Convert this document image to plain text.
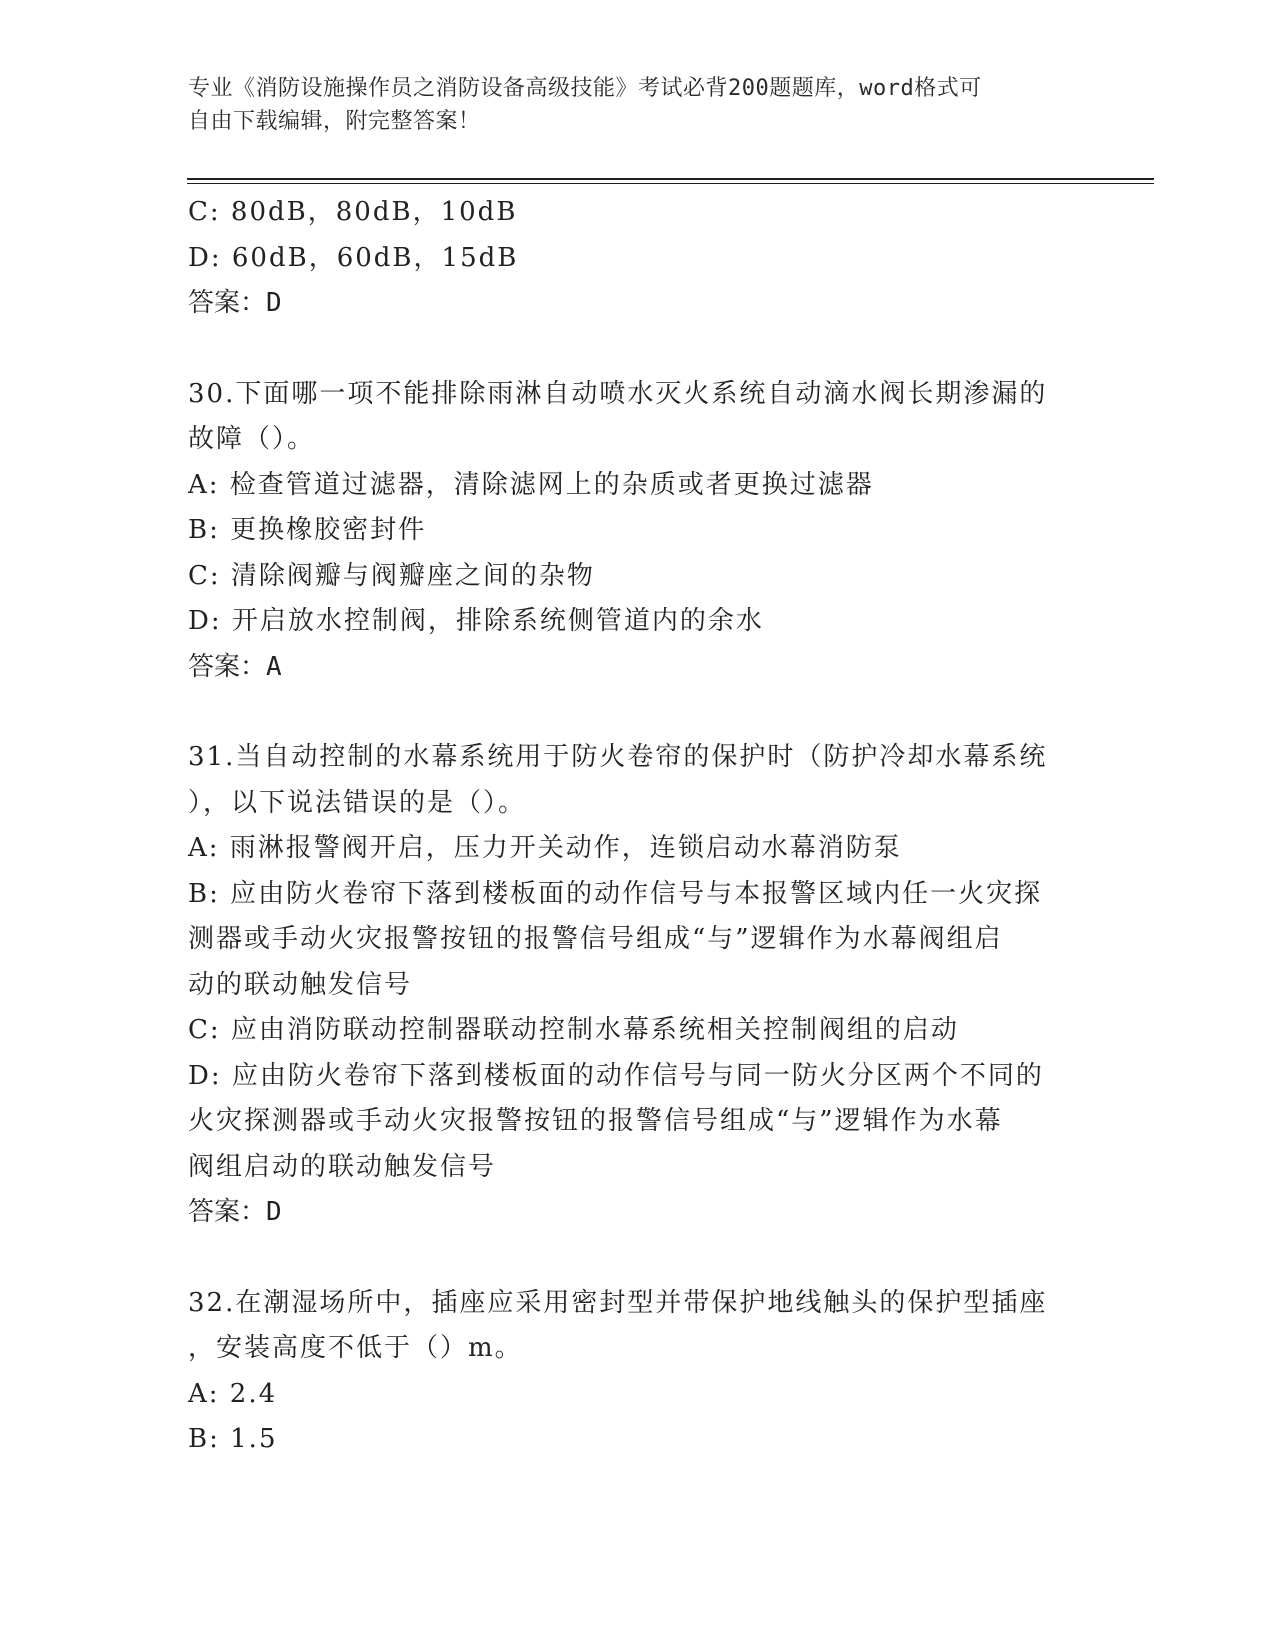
专业《消防设施操作员之消防设备高级技能》考试必背200题题库，word格式可
自由下载编辑，附完整答案！
C: 80dB，80dB，10dB
D: 60dB，60dB，15dB
答案：D
30.下面哪一项不能排除雨淋自动喷水灭火系统自动滴水阀长期渗漏的
故障（）。
A: 检查管道过滤器，清除滤网上的杂质或者更换过滤器
B: 更换橡胶密封件
C: 清除阀瓣与阀瓣座之间的杂物
D: 开启放水控制阀，排除系统侧管道内的余水
答案：A
31.当自动控制的水幕系统用于防火卷帘的保护时（防护冷却水幕系统
），以下说法错误的是（）。
A: 雨淋报警阀开启，压力开关动作，连锁启动水幕消防泵
B: 应由防火卷帘下落到楼板面的动作信号与本报警区域内任一火灾探
测器或手动火灾报警按钮的报警信号组成“与”逻辑作为水幕阀组启
动的联动触发信号
C: 应由消防联动控制器联动控制水幕系统相关控制阀组的启动
D: 应由防火卷帘下落到楼板面的动作信号与同一防火分区两个不同的
火灾探测器或手动火灾报警按钮的报警信号组成“与”逻辑作为水幕
阀组启动的联动触发信号
答案：D
32.在潮湿场所中，插座应采用密封型并带保护地线触头的保护型插座
，安装高度不低于（）m。
A: 2.4
B: 1.5
